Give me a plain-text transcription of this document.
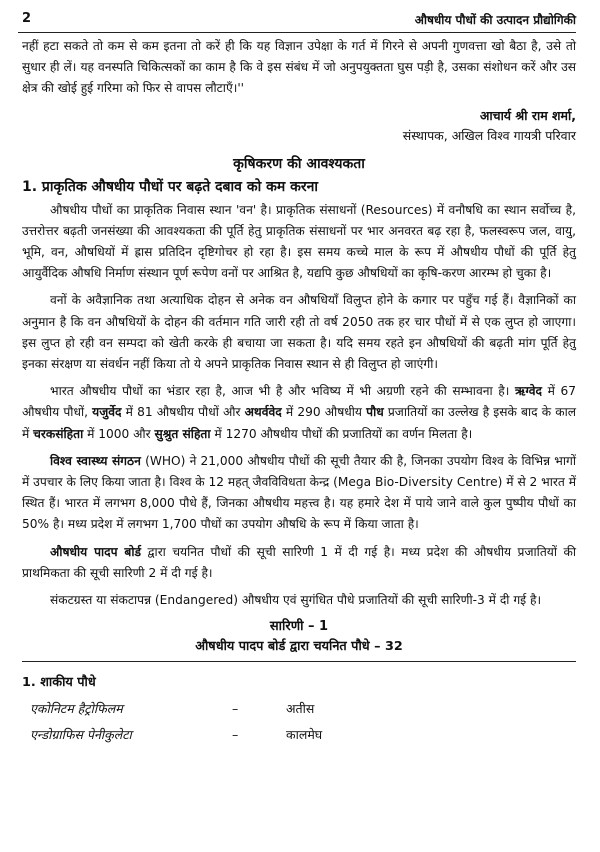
2	औषधीय पौधों की उत्पादन प्रौद्योगिकी

नहीं हटा सकते तो कम से कम इतना तो करें ही कि यह विज्ञान उपेक्षा के गर्त में गिरने से अपनी गुणवत्ता खो बैठा है, उसे तो सुधार ही लें। यह वनस्पति चिकित्सकों का काम है कि वे इस संबंध में जो अनुपयुक्तता घुस पड़ी है, उसका संशोधन करें और उस क्षेत्र की खोई हुई गरिमा को फिर से वापस लौटाएँ।''

आचार्य श्री राम शर्मा,
संस्थापक, अखिल विश्व गायत्री परिवार
कृषिकरण की आवश्यकता
1. प्राकृतिक औषधीय पौधों पर बढ़ते दबाव को कम करना

औषधीय पौधों का प्राकृतिक निवास स्थान 'वन' है। प्राकृतिक संसाधनों (Resources) में वनौषधि का स्थान सर्वोच्च है, उत्तरोत्तर बढ़ती जनसंख्या की आवश्यकता की पूर्ति हेतु प्राकृतिक संसाधनों पर भार अनवरत बढ़ रहा है, फलस्वरूप जल, वायु, भूमि, वन, औषधियों में ह्रास प्रतिदिन दृष्टिगोचर हो रहा है। इस समय कच्चे माल के रूप में औषधीय पौधों की पूर्ति हेतु आयुर्वैदिक औषधि निर्माण संस्थान पूर्ण रूपेण वनों पर आश्रित है, यद्यपि कुछ औषधियों का कृषि-करण आरम्भ हो चुका है।

वनों के अवैज्ञानिक तथा अत्याधिक दोहन से अनेक वन औषधियाँ विलुप्त होने के कगार पर पहुँच गई हैं। वैज्ञानिकों का अनुमान है कि वन औषधियों के दोहन की वर्तमान गति जारी रही तो वर्ष 2050 तक हर चार पौधों में से एक लुप्त हो जाएगा। इस लुप्त हो रही वन सम्पदा को खेती करके ही बचाया जा सकता है। यदि समय रहते इन औषधियों की बढ़ती मांग पूर्ति हेतु इनका संरक्षण या संवर्धन नहीं किया तो ये अपने प्राकृतिक निवास स्थान से ही विलुप्त हो जाएंगी।

भारत औषधीय पौधों का भंडार रहा है, आज भी है और भविष्य में भी अग्रणी रहने की सम्भावना है। ऋग्वेद में 67 औषधीय पौधों, यजुर्वेद में 81 औषधीय पौधों और अथर्ववेद में 290 औषधीय पौध प्रजातियों का उल्लेख है इसके बाद के काल में चरकसंहिता में 1000 और सुश्रुत संहिता में 1270 औषधीय पौधों की प्रजातियों का वर्णन मिलता है।

विश्व स्वास्थ्य संगठन (WHO) ने 21,000 औषधीय पौधों की सूची तैयार की है, जिनका उपयोग विश्व के विभिन्न भागों में उपचार के लिए किया जाता है। विश्व के 12 महत् जैवविविधता केन्द्र (Mega Bio-Diversity Centre) में से 2 भारत में स्थित हैं। भारत में लगभग 8,000 पौधे हैं, जिनका औषधीय महत्त्व है। यह हमारे देश में पाये जाने वाले कुल पुष्पीय पौधों का 50% है। मध्य प्रदेश में लगभग 1,700 पौधों का उपयोग औषधि के रूप में किया जाता है।

औषधीय पादप बोर्ड द्वारा चयनित पौधों की सूची सारिणी 1 में दी गई है। मध्य प्रदेश की औषधीय प्रजातियों की प्राथमिकता की सूची सारिणी 2 में दी गई है।

संकटग्रस्त या संकटापन्न (Endangered) औषधीय एवं सुगंधित पौधे प्रजातियों की सूची सारिणी-3 में दी गई है।

सारिणी – 1
औषधीय पादप बोर्ड द्वारा चयनित पौधे – 32
1. शाकीय पौधे
एकोनिटम हैट्रोफिलम	–	अतीस
एन्डोग्राफिस पेनीकुलेटा	–	कालमेघ
